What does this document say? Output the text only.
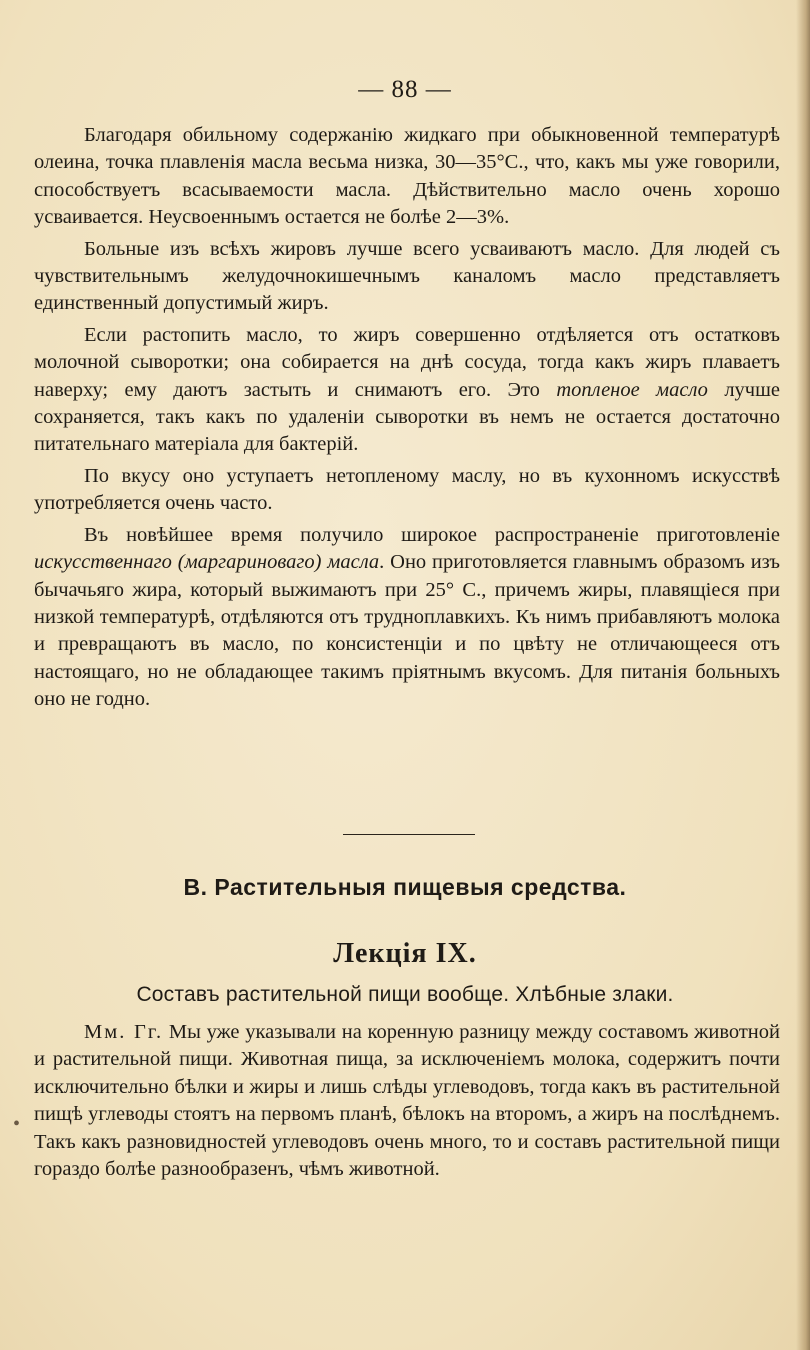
— 88 —

Благодаря обильному содержанію жидкаго при обыкновенной температурѣ олеина, точка плавленія масла весьма низка, 30—35°С., что, какъ мы уже говорили, способствуетъ всасываемости масла. Дѣйствительно масло очень хорошо усваивается. Неусвоеннымъ остается не болѣе 2—3%.

Больные изъ всѣхъ жировъ лучше всего усваиваютъ масло. Для людей съ чувствительнымъ желудочнокишечнымъ каналомъ масло представляетъ единственный допустимый жиръ.

Если растопить масло, то жиръ совершенно отдѣляется отъ остатковъ молочной сыворотки; она собирается на днѣ сосуда, тогда какъ жиръ плаваетъ наверху; ему даютъ застыть и снимаютъ его. Это топленое масло лучше сохраняется, такъ какъ по удаленіи сыворотки въ немъ не остается достаточно питательнаго матеріала для бактерій.

По вкусу оно уступаетъ нетопленому маслу, но въ кухонномъ искусствѣ употребляется очень часто.

Въ новѣйшее время получило широкое распространеніе приготовленіе искусственнаго (маргариноваго) масла. Оно приготовляется главнымъ образомъ изъ бычачьяго жира, который выжимаютъ при 25° С., причемъ жиры, плавящіеся при низкой температурѣ, отдѣляются отъ трудноплавкихъ. Къ нимъ прибавляютъ молока и превращаютъ въ масло, по консистенціи и по цвѣту не отличающееся отъ настоящаго, но не обладающее такимъ пріятнымъ вкусомъ. Для питанія больныхъ оно не годно.

В. Растительныя пищевыя средства.
Лекція IX.
Составъ растительной пищи вообще. Хлѣбные злаки.

Мм. Гг. Мы уже указывали на коренную разницу между составомъ животной и растительной пищи. Животная пища, за исключеніемъ молока, содержитъ почти исключительно бѣлки и жиры и лишь слѣды углеводовъ, тогда какъ въ растительной пищѣ углеводы стоятъ на первомъ планѣ, бѣлокъ на второмъ, а жиръ на послѣднемъ. Такъ какъ разновидностей углеводовъ очень много, то и составъ растительной пищи гораздо болѣе разнообразенъ, чѣмъ животной.

•
